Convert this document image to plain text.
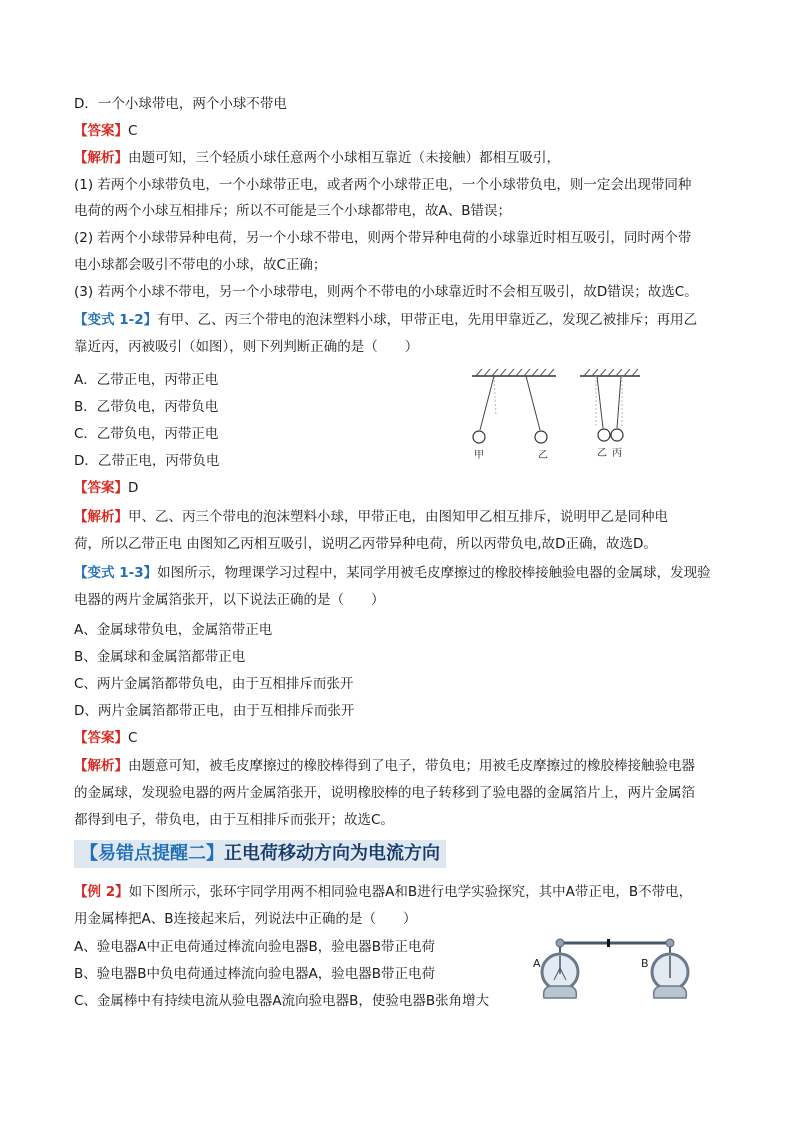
D．一个小球带电，两个小球不带电
【答案】C
【解析】由题可知，三个轻质小球任意两个小球相互靠近（未接触）都相互吸引，
(1) 若两个小球带负电，一个小球带正电，或者两个小球带正电，一个小球带负电，则一定会出现带同种
电荷的两个小球互相排斥；所以不可能是三个小球都带电，故A、B错误；
(2) 若两个小球带异种电荷，另一个小球不带电，则两个带异种电荷的小球靠近时相互吸引，同时两个带
电小球都会吸引不带电的小球，故C正确；
(3) 若两个小球不带电，另一个小球带电，则两个不带电的小球靠近时不会相互吸引，故D错误；故选C。
【变式 1-2】有甲、乙、丙三个带电的泡沫塑料小球，甲带正电，先用甲靠近乙，发现乙被排斥；再用乙
靠近丙，丙被吸引（如图），则下列判断正确的是（　　）
A．乙带正电，丙带正电
B．乙带负电，丙带负电
C．乙带负电，丙带正电
D．乙带正电，丙带负电	甲	乙	乙 丙
【答案】D
【解析】甲、乙、丙三个带电的泡沫塑料小球，甲带正电，由图知甲乙相互排斥，说明甲乙是同种电
荷，所以乙带正电 由图知乙丙相互吸引，说明乙丙带异种电荷，所以丙带负电,故D正确，故选D。
【变式 1-3】如图所示，物理课学习过程中，某同学用被毛皮摩擦过的橡胶棒接触验电器的金属球，发现验
电器的两片金属箔张开，以下说法正确的是（　　）
A、金属球带负电，金属箔带正电
B、金属球和金属箔都带正电
C、两片金属箔都带负电，由于互相排斥而张开
D、两片金属箔都带正电，由于互相排斥而张开
【答案】C
【解析】由题意可知，被毛皮摩擦过的橡胶棒得到了电子，带负电；用被毛皮摩擦过的橡胶棒接触验电器
的金属球，发现验电器的两片金属箔张开，说明橡胶棒的电子转移到了验电器的金属箔片上，两片金属箔
都得到电子，带负电，由于互相排斥而张开；故选C。
【易错点提醒二】正电荷移动方向为电流方向
【例 2】如下图所示，张环宇同学用两不相同验电器A和B进行电学实验探究，其中A带正电，B不带电，
用金属棒把A、B连接起来后，列说法中正确的是（　　）
A、验电器A中正电荷通过棒流向验电器B，验电器B带正电荷
B、验电器B中负电荷通过棒流向验电器A，验电器B带正电荷
C、金属棒中有持续电流从验电器A流向验电器B，使验电器B张角增大
A	B
